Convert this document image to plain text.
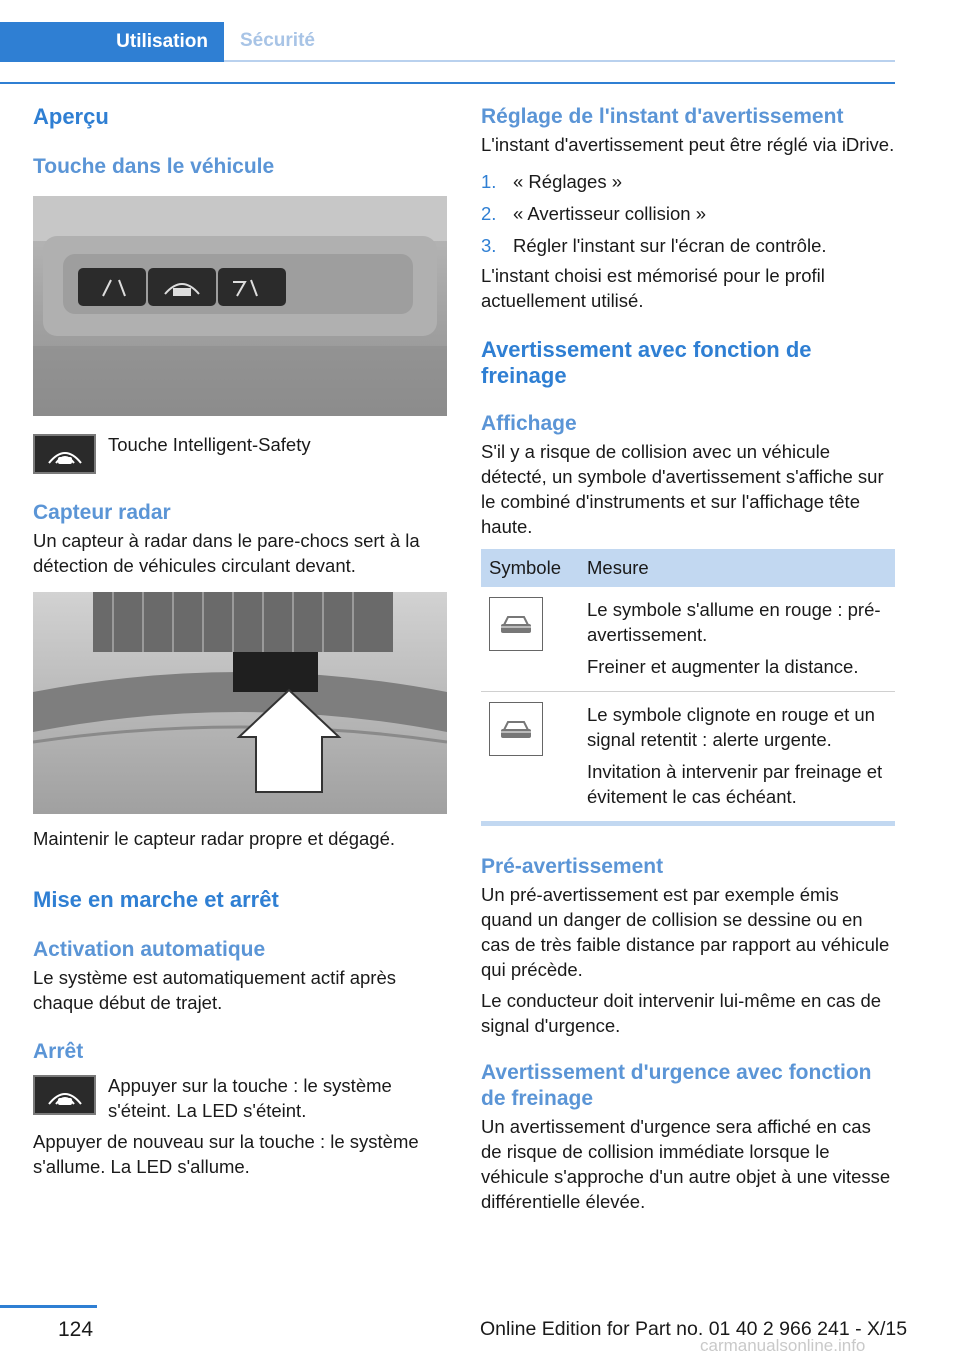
Utilisation	Sécurité
Aperçu
Touche dans le véhicule

Touche Intelligent-Safety

Capteur radar

Un capteur à radar dans le pare-chocs sert à la détection de véhicules circulant devant.

Maintenir le capteur radar propre et dégagé.

Mise en marche et arrêt
Activation automatique

Le système est automatiquement actif après chaque début de trajet.

Arrêt

Appuyer sur la touche : le système s'éteint. La LED s'éteint.

Appuyer de nouveau sur la touche : le système s'allume. La LED s'allume.

Réglage de l'instant d'avertissement

L'instant d'avertissement peut être réglé via iDrive.

1. « Réglages »
2. « Avertisseur collision »
3. Régler l'instant sur l'écran de contrôle.

L'instant choisi est mémorisé pour le profil actuellement utilisé.

Avertissement avec fonction de freinage
Affichage

S'il y a risque de collision avec un véhicule détecté, un symbole d'avertissement s'affiche sur le combiné d'instruments et sur l'affichage tête haute.

Symbole	Mesure

Le symbole s'allume en rouge : pré-avertissement.
Freiner et augmenter la distance.

Le symbole clignote en rouge et un signal retentit : alerte urgente.
Invitation à intervenir par freinage et évitement le cas échéant.
Pré-avertissement

Un pré-avertissement est par exemple émis quand un danger de collision se dessine ou en cas de très faible distance par rapport au véhicule qui précède.

Le conducteur doit intervenir lui-même en cas de signal d'urgence.

Avertissement d'urgence avec fonction de freinage

Un avertissement d'urgence sera affiché en cas de risque de collision immédiate lorsque le véhicule s'approche d'un autre objet à une vitesse différentielle élevée.

124	Online Edition for Part no. 01 40 2 966 241 - X/15
carmanualsonline.info
